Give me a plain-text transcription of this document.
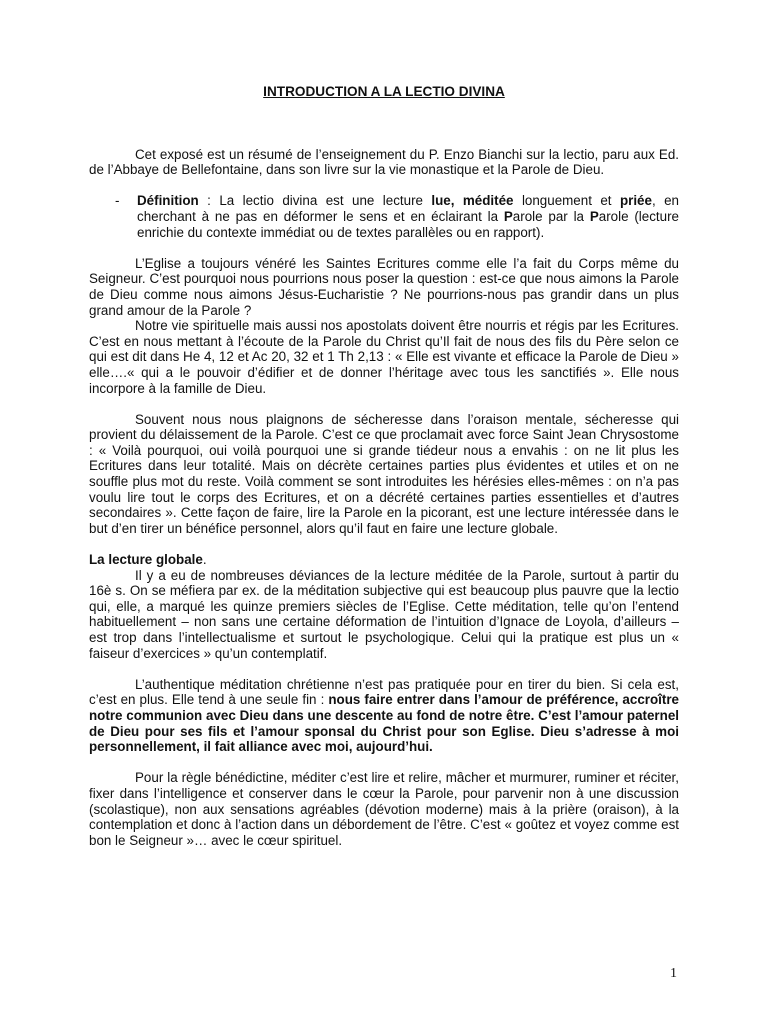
INTRODUCTION A LA LECTIO DIVINA

Cet exposé est un résumé de l’enseignement du P. Enzo Bianchi sur la lectio, paru aux Ed. de l’Abbaye de Bellefontaine, dans son livre sur la vie monastique et la Parole de Dieu.

-	Définition : La lectio divina est une lecture lue, méditée longuement et priée, en cherchant à ne pas en déformer le sens et en éclairant la Parole par la Parole (lecture enrichie du contexte immédiat ou de textes parallèles ou en rapport).

L’Eglise a toujours vénéré les Saintes Ecritures comme elle l’a fait du Corps même du Seigneur. C’est pourquoi nous pourrions nous poser la question : est-ce que nous aimons la Parole de Dieu comme nous aimons Jésus-Eucharistie ? Ne pourrions-nous pas grandir dans un plus grand amour de la Parole ?

Notre vie spirituelle mais aussi nos apostolats doivent être nourris et régis par les Ecritures. C’est en nous mettant à l’écoute de la Parole du Christ qu’Il fait de nous des fils du Père selon ce qui est dit dans He 4, 12 et Ac 20, 32 et 1 Th 2,13 : « Elle est vivante et efficace la Parole de Dieu » elle….« qui a le pouvoir d’édifier et de donner l’héritage avec tous les sanctifiés ». Elle nous incorpore à la famille de Dieu.

Souvent nous nous plaignons de sécheresse dans l’oraison mentale, sécheresse qui provient du délaissement de la Parole. C’est ce que proclamait avec force Saint Jean Chrysostome : « Voilà pourquoi, oui voilà pourquoi une si grande tiédeur nous a envahis : on ne lit plus les Ecritures dans leur totalité. Mais on décrète certaines parties plus évidentes et utiles et on ne souffle plus mot du reste. Voilà comment se sont introduites les hérésies elles-mêmes : on n’a pas voulu lire tout le corps des Ecritures, et on a décrété certaines parties essentielles et d’autres secondaires ». Cette façon de faire, lire la Parole en la picorant, est une lecture intéressée dans le but d’en tirer un bénéfice personnel, alors qu’il faut en faire une lecture globale.

La lecture globale.

Il y a eu de nombreuses déviances de la lecture méditée de la Parole, surtout à partir du 16è s. On se méfiera par ex. de la méditation subjective qui est beaucoup plus pauvre que la lectio qui, elle, a marqué les quinze premiers siècles de l’Eglise. Cette méditation, telle qu’on l’entend habituellement – non sans une certaine déformation de l’intuition d’Ignace de Loyola, d’ailleurs – est trop dans l’intellectualisme et surtout le psychologique. Celui qui la pratique est plus un « faiseur d’exercices » qu’un contemplatif.

L’authentique méditation chrétienne n’est pas pratiquée pour en tirer du bien. Si cela est, c’est en plus. Elle tend à une seule fin : nous faire entrer dans l’amour de préférence, accroître notre communion avec Dieu dans une descente au fond de notre être. C’est l’amour paternel de Dieu pour ses fils et l’amour sponsal du Christ pour son Eglise. Dieu s’adresse à moi personnellement, il fait alliance avec moi, aujourd’hui.

Pour la règle bénédictine, méditer c’est lire et relire, mâcher et murmurer, ruminer et réciter, fixer dans l’intelligence et conserver dans le cœur la Parole, pour parvenir non à une discussion (scolastique), non aux sensations agréables (dévotion moderne) mais à la prière (oraison), à la contemplation et donc à l’action dans un débordement de l’être. C’est « goûtez et voyez comme est bon le Seigneur »… avec le cœur spirituel.

1
